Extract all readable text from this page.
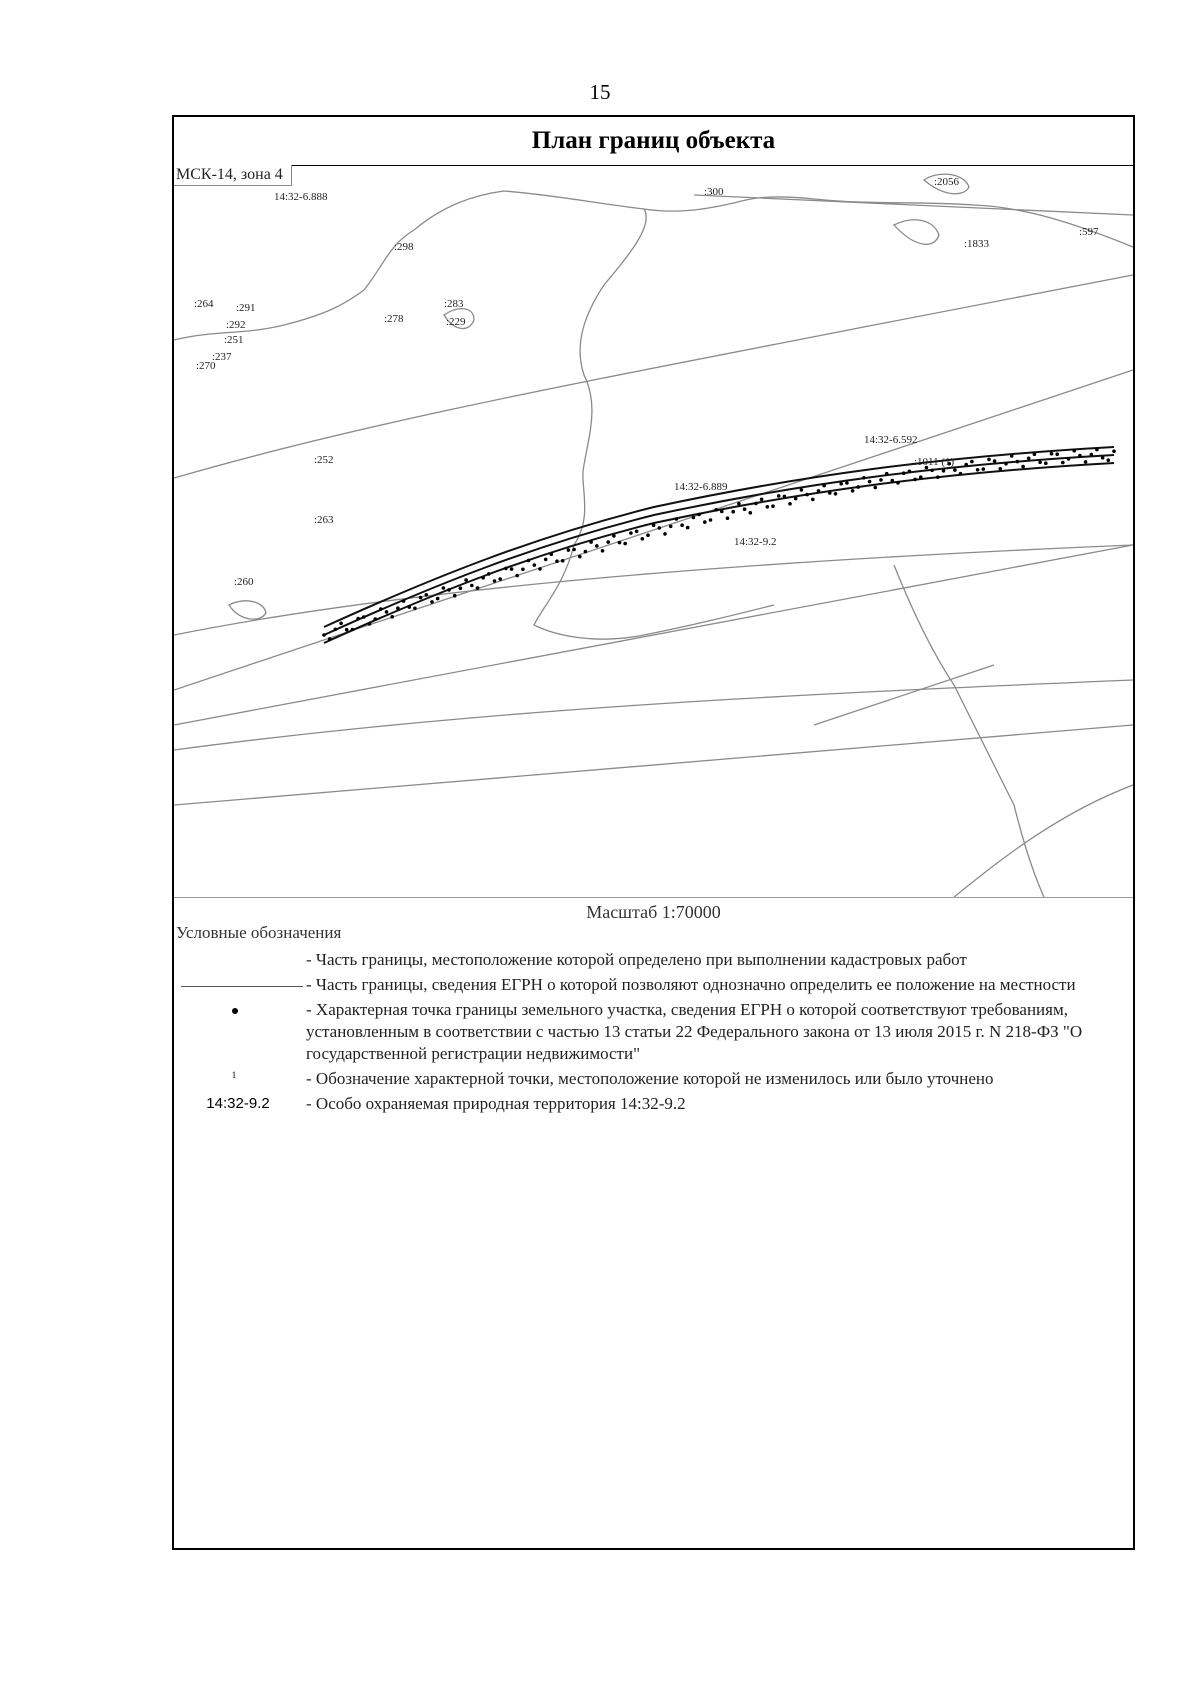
15
План границ объекта
:264 :291
:292
:251
:237
:270
:298
:278
:283
:229
14:32-6.888	:300
:2056
:1833
:597
:252
:263
:260
14:32-6.592
:1011 (1)
14:32-6.889
14:32-9.2
МСК-14, зона 4
Масштаб 1:70000
Условные обозначения
- Часть границы, местоположение которой определено при выполнении кадастровых работ
- Часть границы, сведения ЕГРН о которой позволяют однозначно определить ее положение на местности
- Характерная точка границы земельного участка, сведения ЕГРН о которой соответствуют требованиям, установленным в соответствии с частью 13 статьи 22 Федерального закона от 13 июля 2015 г. N 218-ФЗ "О государственной регистрации недвижимости"
1	- Обозначение характерной точки, местоположение которой не изменилось или было уточнено
14:32-9.2 - Особо охраняемая природная территория 14:32-9.2
